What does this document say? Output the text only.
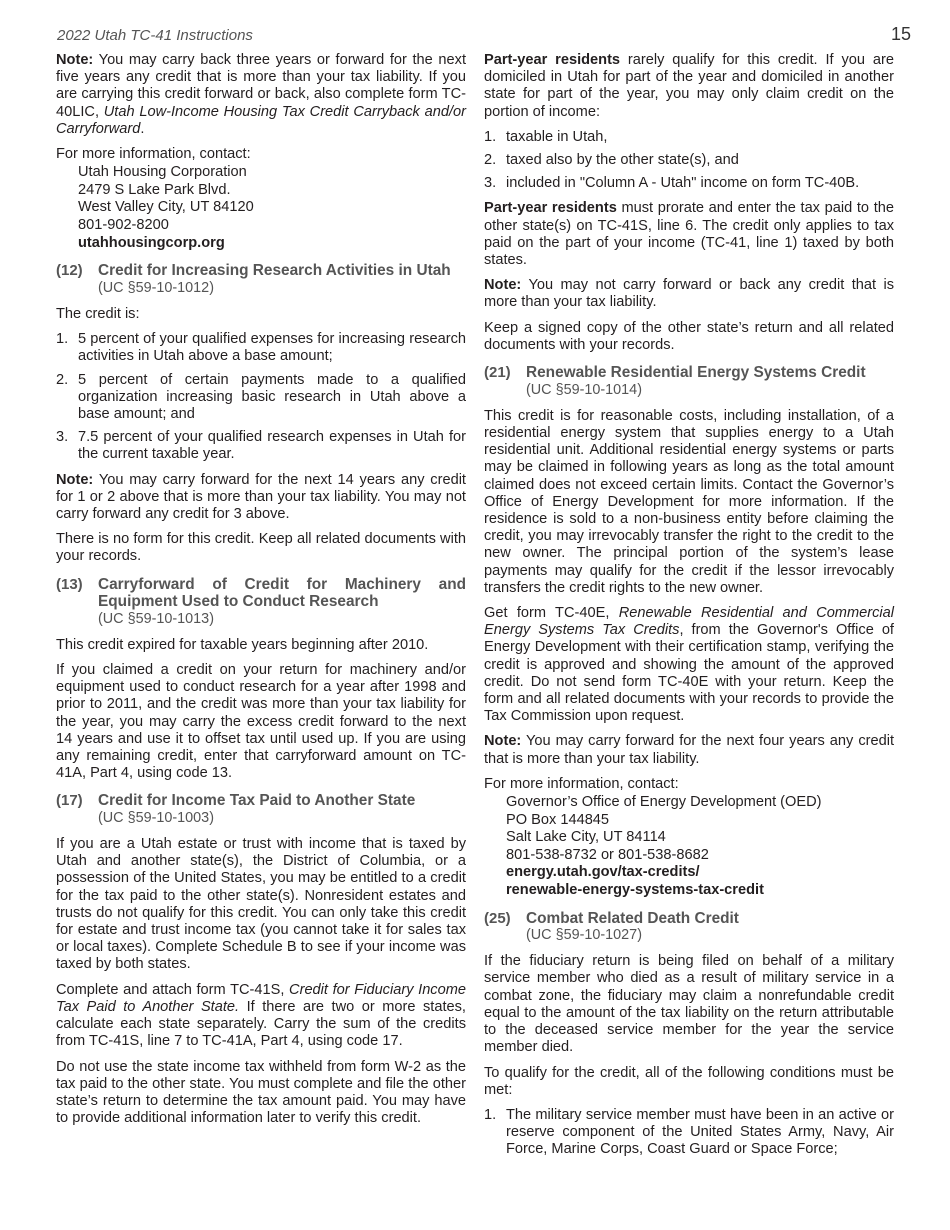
2022 Utah TC-41 Instructions	15

Note: You may carry back three years or forward for the next five years any credit that is more than your tax liability. If you are carrying this credit forward or back, also complete form TC-40LIC, Utah Low-Income Housing Tax Credit Carryback and/or Carryforward.

For more information, contact:

Utah Housing Corporation
2479 S Lake Park Blvd.
West Valley City, UT 84120
801-902-8200
utahhousingcorp.org
(12) Credit for Increasing Research Activities in Utah
(UC §59-10-1012)

The credit is:

1. 5 percent of your qualified expenses for increasing research activities in Utah above a base amount;
2. 5 percent of certain payments made to a qualified organization increasing basic research in Utah above a base amount; and
3. 7.5 percent of your qualified research expenses in Utah for the current taxable year.

Note: You may carry forward for the next 14 years any credit for 1 or 2 above that is more than your tax liability. You may not carry forward any credit for 3 above.

There is no form for this credit. Keep all related documents with your records.

(13) Carryforward of Credit for Machinery and Equipment Used to Conduct Research
(UC §59-10-1013)

This credit expired for taxable years beginning after 2010.

If you claimed a credit on your return for machinery and/or equipment used to conduct research for a year after 1998 and prior to 2011, and the credit was more than your tax liability for the year, you may carry the excess credit forward to the next 14 years and use it to offset tax until used up. If you are using any remaining credit, enter that carryforward amount on TC-41A, Part 4, using code 13.

(17) Credit for Income Tax Paid to Another State
(UC §59-10-1003)

If you are a Utah estate or trust with income that is taxed by Utah and another state(s), the District of Columbia, or a possession of the United States, you may be entitled to a credit for the tax paid to the other state(s). Nonresident estates and trusts do not qualify for this credit. You can only take this credit for estate and trust income tax (you cannot take it for sales tax or local taxes). Complete Schedule B to see if your income was taxed by both states.

Complete and attach form TC-41S, Credit for Fiduciary Income Tax Paid to Another State. If there are two or more states, calculate each state separately. Carry the sum of the credits from TC-41S, line 7 to TC-41A, Part 4, using code 17.

Do not use the state income tax withheld from form W-2 as the tax paid to the other state. You must complete and file the other state’s return to determine the tax amount paid. You may have to provide additional information later to verify this credit.

Part-year residents rarely qualify for this credit. If you are domiciled in Utah for part of the year and domiciled in another state for part of the year, you may only claim credit on the portion of income:

1. taxable in Utah,
2. taxed also by the other state(s), and
3. included in "Column A - Utah" income on form TC-40B.

Part-year residents must prorate and enter the tax paid to the other state(s) on TC-41S, line 6. The credit only applies to tax paid on the part of your income (TC-41, line 1) taxed by both states.

Note: You may not carry forward or back any credit that is more than your tax liability.

Keep a signed copy of the other state’s return and all related documents with your records.

(21) Renewable Residential Energy Systems Credit
(UC §59-10-1014)

This credit is for reasonable costs, including installation, of a residential energy system that supplies energy to a Utah residential unit. Additional residential energy systems or parts may be claimed in following years as long as the total amount claimed does not exceed certain limits. Contact the Governor’s Office of Energy Development for more information. If the residence is sold to a non-business entity before claiming the credit, you may irrevocably transfer the right to the credit to the new owner. The principal portion of the system’s lease payments may qualify for the credit if the lessor irrevocably transfers the credit rights to the new owner.

Get form TC-40E, Renewable Residential and Commercial Energy Systems Tax Credits, from the Governor's Office of Energy Development with their certification stamp, verifying the credit is approved and showing the amount of the approved credit. Do not send form TC-40E with your return. Keep the form and all related documents with your records to provide the Tax Commission upon request.

Note: You may carry forward for the next four years any credit that is more than your tax liability.

For more information, contact:

Governor’s Office of Energy Development (OED)
PO Box 144845
Salt Lake City, UT 84114
801-538-8732 or 801-538-8682
energy.utah.gov/tax-credits/
renewable-energy-systems-tax-credit
(25) Combat Related Death Credit
(UC §59-10-1027)

If the fiduciary return is being filed on behalf of a military service member who died as a result of military service in a combat zone, the fiduciary may claim a nonrefundable credit equal to the amount of the tax liability on the return attributable to the deceased service member for the year the service member died.

To qualify for the credit, all of the following conditions must be met:

1. The military service member must have been in an active or reserve component of the United States Army, Navy, Air Force, Marine Corps, Coast Guard or Space Force;
